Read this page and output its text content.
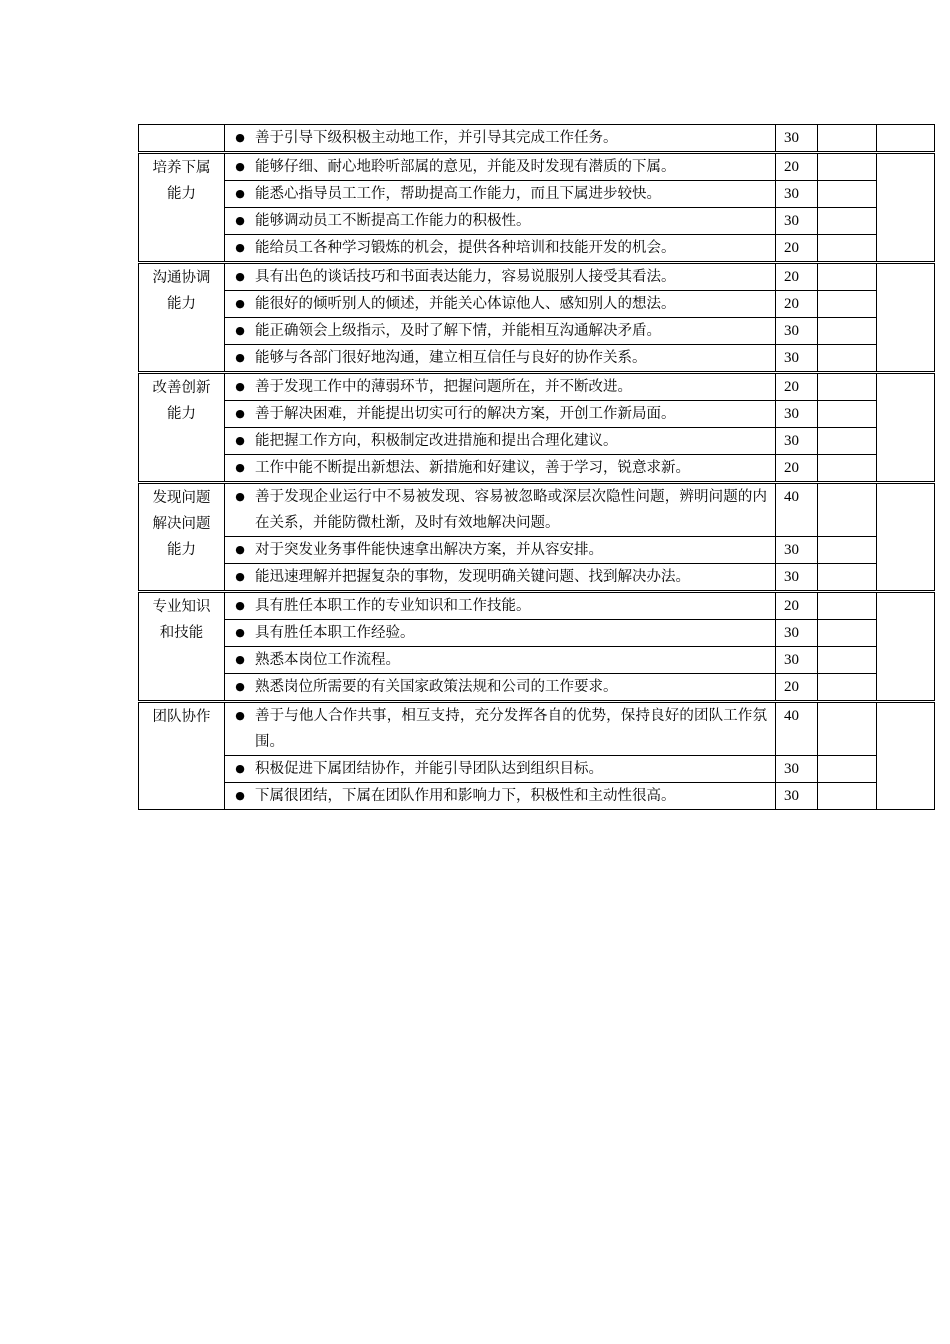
	● 善于引导下级积极主动地工作，并引导其完成工作任务。	30		

培养下属
能力	● 能够仔细、耐心地聆听部属的意见，并能及时发现有潜质的下属。	20		

	● 能悉心指导员工工作，帮助提高工作能力，而且下属进步较快。	30		

	● 能够调动员工不断提高工作能力的积极性。	30		

	● 能给员工各种学习锻炼的机会，提供各种培训和技能开发的机会。	20		

沟通协调
能力	● 具有出色的谈话技巧和书面表达能力，容易说服别人接受其看法。	20		

	● 能很好的倾听别人的倾述，并能关心体谅他人、感知别人的想法。	20		

	● 能正确领会上级指示，及时了解下情，并能相互沟通解决矛盾。	30		

	● 能够与各部门很好地沟通，建立相互信任与良好的协作关系。	30		

改善创新
能力	● 善于发现工作中的薄弱环节，把握问题所在，并不断改进。	20		

	● 善于解决困难，并能提出切实可行的解决方案，开创工作新局面。	30		

	● 能把握工作方向，积极制定改进措施和提出合理化建议。	30		

	● 工作中能不断提出新想法、新措施和好建议，善于学习，锐意求新。	20		

发现问题
解决问题
能力	● 善于发现企业运行中不易被发现、容易被忽略或深层次隐性问题，辨明问题的内在关系，并能防微杜渐，及时有效地解决问题。	40		

	● 对于突发业务事件能快速拿出解决方案，并从容安排。	30		

	● 能迅速理解并把握复杂的事物，发现明确关键问题、找到解决办法。	30		

专业知识
和技能	● 具有胜任本职工作的专业知识和工作技能。	20		

	● 具有胜任本职工作经验。	30		

	● 熟悉本岗位工作流程。	30		

	● 熟悉岗位所需要的有关国家政策法规和公司的工作要求。	20		

团队协作	● 善于与他人合作共事，相互支持，充分发挥各自的优势，保持良好的团队工作氛围。	40		

	● 积极促进下属团结协作，并能引导团队达到组织目标。	30		

	● 下属很团结，下属在团队作用和影响力下，积极性和主动性很高。	30		
